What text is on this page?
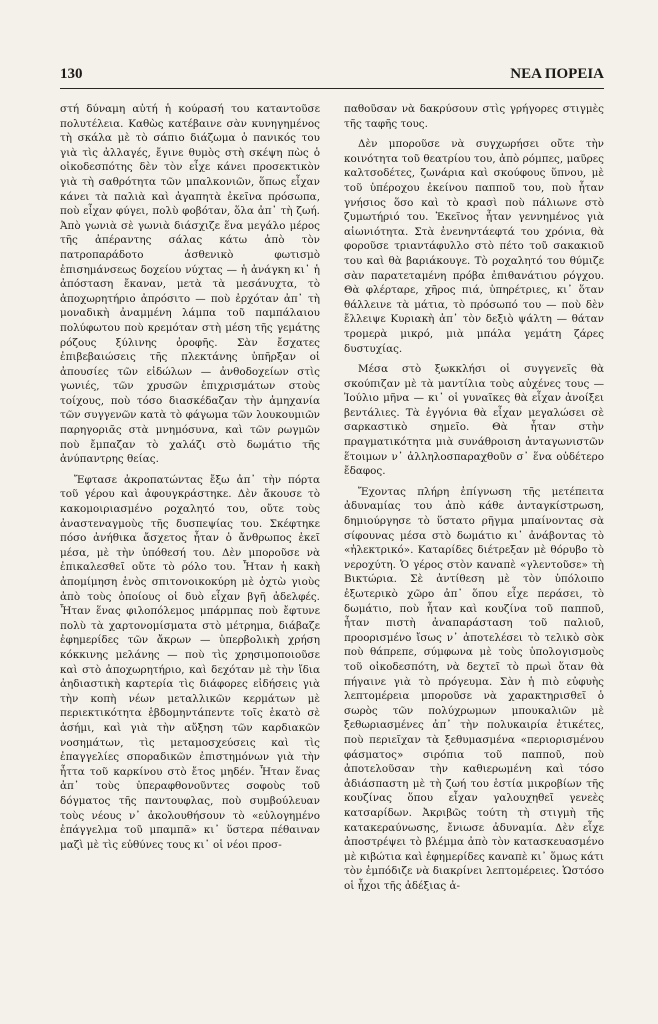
130	ΝΕΑ ΠΟΡΕΙΑ

στή δύναμη αὐτή ἡ κούρασή του καταντοῦσε πολυτέλεια. Καθὼς κατέβαινε σὰν κυνηγημένος τὴ σκάλα μὲ τὸ σάπιο διάζωμα ὁ πανικός του γιὰ τὶς ἀλλαγές, ἔγινε θυμὸς στὴ σκέψη πὼς ὁ οἰκοδεσπότης δὲν τὸν εἶχε κάνει προσεκτικὸν γιὰ τὴ σαθρότητα τῶν μπαλκονιῶν, ὅπως εἶχαν κάνει τὰ παλιὰ καὶ ἀγαπητὰ ἐκεῖνα πρόσωπα, ποὺ εἶχαν φύγει, πολὺ φοβόταν, ὅλα ἀπ᾿ τὴ ζωή. Ἀπὸ γωνιὰ σὲ γωνιὰ διάσχιζε ἕνα μεγάλο μέρος τῆς ἀπέραντης σάλας κάτω ἀπὸ τὸν πατροπαράδοτο ἀσθενικὸ φωτισμὸ ἐπισημάνσεως δοχείου νύχτας — ἡ ἀνάγκη κι᾿ ἡ ἀπόσταση ἔκαναν, μετὰ τὰ μεσάνυχτα, τὸ ἀποχωρητήριο ἀπρόσιτο — ποὺ ἐρχόταν ἀπ᾿ τὴ μοναδικὴ ἀναμμένη λάμπα τοῦ παμπάλαιου πολύφωτου ποὺ κρεμόταν στὴ μέση τῆς γεμάτης ρόζους ξύλινης ὀροφῆς. Σὰν ἔσχατες ἐπιβεβαιώσεις τῆς πλεκτάνης ὑπῆρξαν οἱ ἀπουσίες τῶν εἰδώλων — ἀνθοδοχείων στὶς γωνιές, τῶν χρυσῶν ἐπιχρισμάτων στοὺς τοίχους, ποὺ τόσο διασκέδαζαν τὴν ἀμηχανία τῶν συγγενῶν κατὰ τὸ φάγωμα τῶν λουκουμιῶν παρηγοριᾶς στὰ μνημόσυνα, καὶ τῶν ρωγμῶν ποὺ ἔμπαζαν τὸ χαλάζι στὸ δωμάτιο τῆς ἀνύπαντρης θείας.

Ἔφτασε ἀκροπατώντας ἔξω ἀπ᾿ τὴν πόρτα τοῦ γέρου καὶ ἀφουγκράστηκε. Δὲν ἄκουσε τὸ κακομοιριασμένο ροχαλητό του, οὔτε τοὺς ἀναστεναγμοὺς τῆς δυσπεψίας του. Σκέφτηκε πόσο ἀνήθικα ἄσχετος ἦταν ὁ ἄνθρωπος ἐκεῖ μέσα, μὲ τὴν ὑπόθεσή του. Δὲν μποροῦσε νὰ ἐπικαλεσθεῖ οὔτε τὸ ρόλο του. Ἦταν ἡ κακὴ ἀπομίμηση ἑνὸς σπιτονοικοκύρη μὲ ὀχτὼ γιοὺς ἀπὸ τοὺς ὁποίους οἱ δυὸ εἶχαν βγῆ ἀδελφές. Ἦταν ἕνας φιλοπόλεμος μπάρμπας ποὺ ἔφτυνε πολὺ τὰ χαρτονομίσματα στὸ μέτρημα, διάβαζε ἐφημερίδες τῶν ἄκρων — ὑπερβολικὴ χρήση κόκκινης μελάνης — ποὺ τὶς χρησιμοποιοῦσε καὶ στὸ ἀποχωρητήριο, καὶ δεχόταν μὲ τὴν ἴδια ἀηδιαστικὴ καρτερία τὶς διάφορες εἰδήσεις γιὰ τὴν κοπὴ νέων μεταλλικῶν κερμάτων μὲ περιεκτικότητα ἑβδομηντάπεντε τοῖς ἑκατὸ σὲ ἀσήμι, καὶ γιὰ τὴν αὔξηση τῶν καρδιακῶν νοσημάτων, τὶς μεταμοσχεύσεις καὶ τὶς ἐπαγγελίες σποραδικῶν ἐπιστημόνων γιὰ τὴν ἧττα τοῦ καρκίνου στὸ ἔτος μηδέν. Ἦταν ἕνας ἀπ᾿ τοὺς ὑπεραφθονοῦντες σοφοὺς τοῦ δόγματος τῆς παντουφλας, ποὺ συμβούλευαν τοὺς νέους ν᾿ ἀκολουθήσουν τὸ «εὐλογημένο ἐπάγγελμα τοῦ μπαμπᾶ» κι᾿ ὕστερα πέθαιναν μαζὶ μὲ τὶς εὐθύνες τους κι᾿ οἱ νέοι προσ-

παθοῦσαν νὰ δακρύσουν στὶς γρήγορες στιγμὲς τῆς ταφῆς τους.

Δὲν μποροῦσε νὰ συγχωρήσει οὔτε τὴν κοινότητα τοῦ θεατρίου του, ἀπὸ ρόμπες, μαῦρες καλτσοδέτες, ζωνάρια καὶ σκούφους ὕπνου, μὲ τοῦ ὑπέροχου ἐκείνου παπποῦ του, ποὺ ἦταν γνήσιος ὅσο καὶ τὸ κρασὶ ποὺ πάλιωνε στὸ ζυμωτήριό του. Ἐκεῖνος ἦταν γεννημένος γιὰ αἰωνιότητα. Στὰ ἐνενηντάεφτά του χρόνια, θὰ φοροῦσε τριαντάφυλλο στὸ πέτο τοῦ σακακιοῦ του καὶ θὰ βαριάκουγε. Τὸ ροχαλητό του θύμιζε σὰν παρατεταμένη πρόβα ἐπιθανάτιου ρόγχου. Θὰ φλέρταρε, χῆρος πιά, ὑπηρέτριες, κι᾿ ὅταν θάλλεινε τὰ μάτια, τὸ πρόσωπό του — ποὺ δὲν ἔλλειψε Κυριακὴ ἀπ᾿ τὸν δεξιὸ ψάλτη — θάταν τρομερὰ μικρό, μιὰ μπάλα γεμάτη ζάρες δυστυχίας.

Μέσα στὸ ξωκκλήσι οἱ συγγενεῖς θὰ σκούπιζαν μὲ τὰ μαντίλια τοὺς αὐχένες τους — Ἰούλιο μῆνα — κι᾿ οἱ γυναῖκες θὰ εἶχαν ἀνοίξει βεντάλιες. Τὰ ἐγγόνια θὰ εἶχαν μεγαλώσει σὲ σαρκαστικὸ σημεῖο. Θὰ ἦταν στὴν πραγματικότητα μιὰ συνάθροιση ἀνταγωνιστῶν ἕτοιμων ν᾿ ἀλληλοσπαραχθοῦν σ᾿ ἕνα οὐδέτερο ἔδαφος.

Ἔχοντας πλήρη ἐπίγνωση τῆς μετέπειτα ἀδυναμίας του ἀπὸ κάθε ἀνταγκίστρωση, δημιούργησε τὸ ὕστατο ρῆγμα μπαίνοντας σὰ σίφουνας μέσα στὸ δωμάτιο κι᾿ ἀνάβοντας τὸ «ἠλεκτρικό». Καταρίδες διέτρεξαν μὲ θόρυβο τὸ νεροχύτη. Ὁ γέρος στὸν καναπὲ «γλεντοῦσε» τὴ Βικτώρια. Σὲ ἀντίθεση μὲ τὸν ὑπόλοιπο ἐξωτερικὸ χῶρο ἀπ᾿ ὅπου εἶχε περάσει, τὸ δωμάτιο, ποὺ ἦταν καὶ κουζίνα τοῦ παπποῦ, ἦταν πιστὴ ἀναπαράσταση τοῦ παλιοῦ, προορισμένο ἴσως ν᾿ ἀποτελέσει τὸ τελικὸ σὸκ ποὺ θάπρεπε, σύμφωνα μὲ τοὺς ὑπολογισμοὺς τοῦ οἰκοδεσπότη, νὰ δεχτεῖ τὸ πρωὶ ὅταν θὰ πήγαινε γιὰ τὸ πρόγευμα. Σὰν ἡ πιὸ εὐφυὴς λεπτομέρεια μποροῦσε νὰ χαρακτηρισθεῖ ὁ σωρὸς τῶν πολύχρωμων μπουκαλιῶν μὲ ξεθωριασμένες ἀπ᾿ τὴν πολυκαιρία ἐτικέτες, ποὺ περιεῖχαν τὰ ξεθυμασμένα «περιορισμένου φάσματος» σιρόπια τοῦ παπποῦ, ποὺ ἀποτελοῦσαν τὴν καθιερωμένη καὶ τόσο ἀδιάσπαστη μὲ τὴ ζωή του ἑστία μικροβίων τῆς κουζίνας ὅπου εἶχαν γαλουχηθεῖ γενεὲς κατσαρίδων. Ἀκριβῶς τούτη τὴ στιγμὴ τῆς κατακεραύνωσης, ἔνιωσε ἀδυναμία. Δὲν εἶχε ἀποστρέψει τὸ βλέμμα ἀπὸ τὸν κατασκευασμένο μὲ κιβώτια καὶ ἐφημερίδες καναπὲ κι᾿ ὅμως κάτι τὸν ἐμπόδιζε νὰ διακρίνει λεπτομέρειες. Ὡστόσο οἱ ἦχοι τῆς ἀδέξιας ἀ-
